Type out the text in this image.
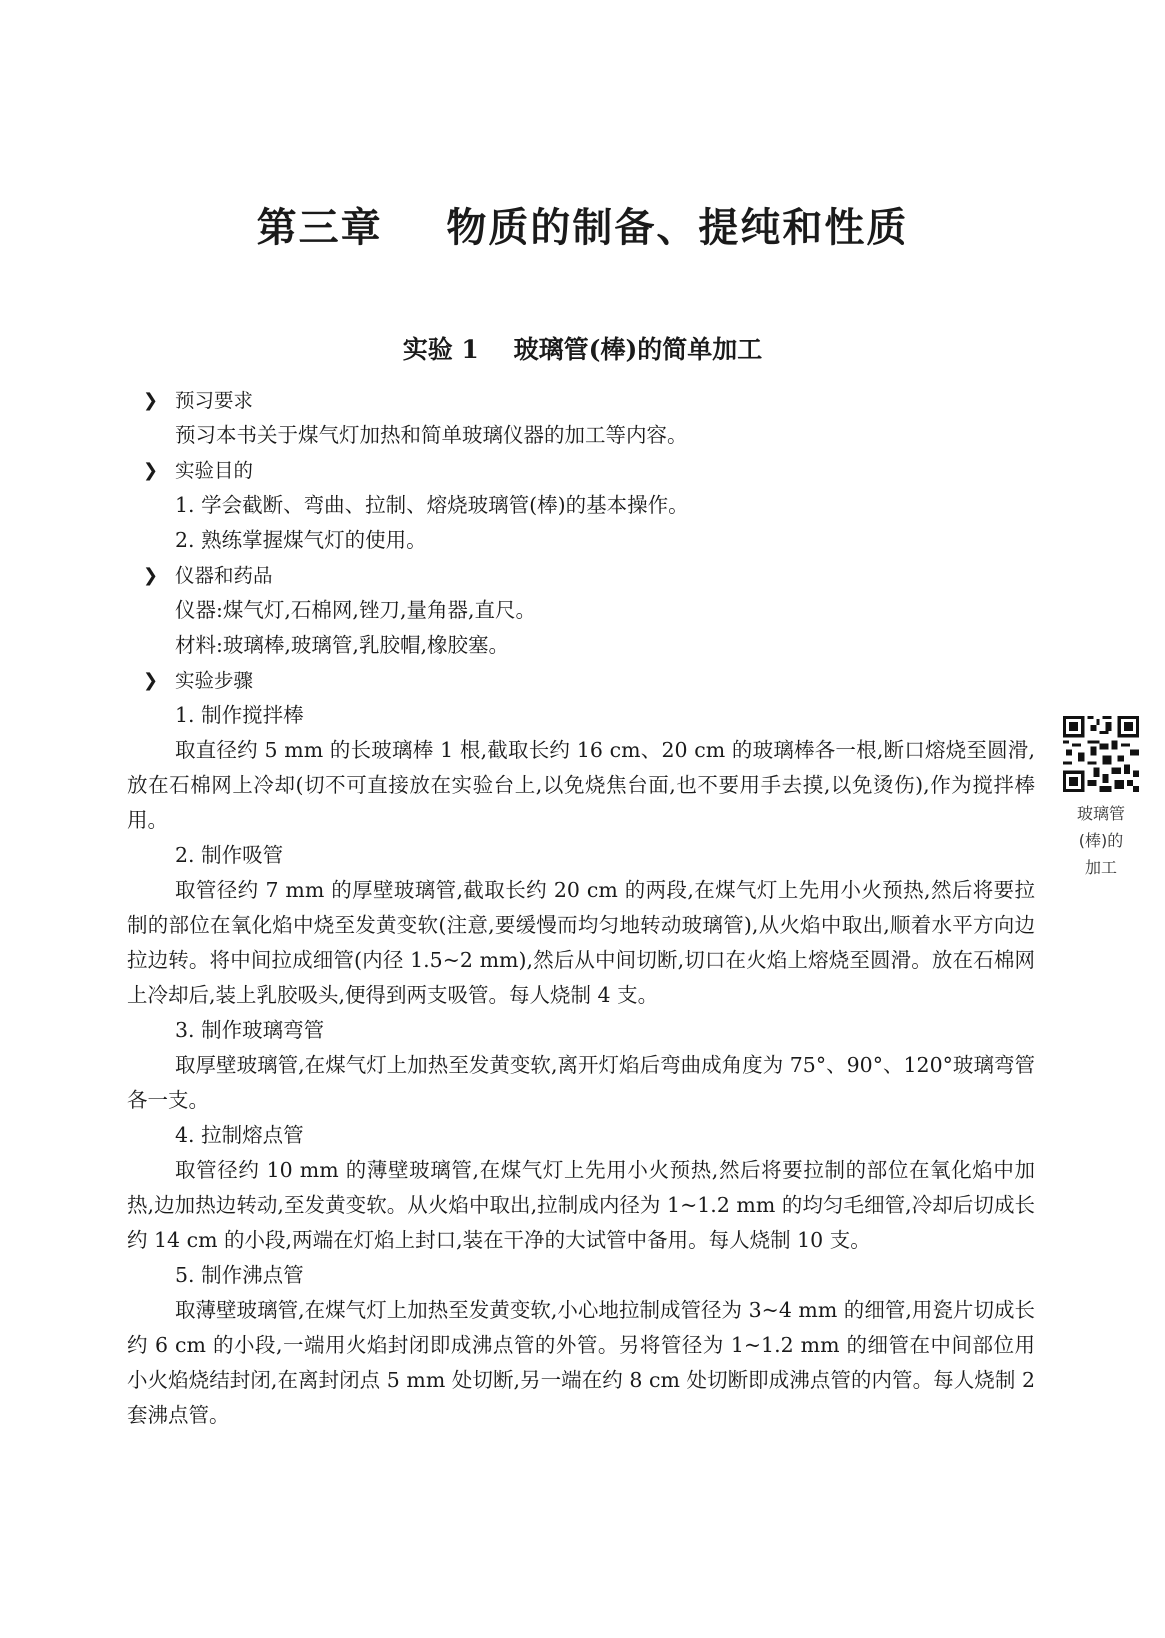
第三章    物质的制备、提纯和性质
实验 1    玻璃管(棒)的简单加工
❯ 预习要求

预习本书关于煤气灯加热和简单玻璃仪器的加工等内容。

❯ 实验目的

1. 学会截断、弯曲、拉制、熔烧玻璃管(棒)的基本操作。

2. 熟练掌握煤气灯的使用。

❯ 仪器和药品

仪器:煤气灯,石棉网,锉刀,量角器,直尺。

材料:玻璃棒,玻璃管,乳胶帽,橡胶塞。

❯ 实验步骤

1. 制作搅拌棒

取直径约 5 mm 的长玻璃棒 1 根,截取长约 16 cm、20 cm 的玻璃棒各一根,断口熔烧至圆滑,放在石棉网上冷却(切不可直接放在实验台上,以免烧焦台面,也不要用手去摸,以免烫伤),作为搅拌棒用。

2. 制作吸管

取管径约 7 mm 的厚壁玻璃管,截取长约 20 cm 的两段,在煤气灯上先用小火预热,然后将要拉制的部位在氧化焰中烧至发黄变软(注意,要缓慢而均匀地转动玻璃管),从火焰中取出,顺着水平方向边拉边转。将中间拉成细管(内径 1.5~2 mm),然后从中间切断,切口在火焰上熔烧至圆滑。放在石棉网上冷却后,装上乳胶吸头,便得到两支吸管。每人烧制 4 支。

3. 制作玻璃弯管

取厚壁玻璃管,在煤气灯上加热至发黄变软,离开灯焰后弯曲成角度为 75°、90°、120°玻璃弯管各一支。

4. 拉制熔点管

取管径约 10 mm 的薄壁玻璃管,在煤气灯上先用小火预热,然后将要拉制的部位在氧化焰中加热,边加热边转动,至发黄变软。从火焰中取出,拉制成内径为 1~1.2 mm 的均匀毛细管,冷却后切成长约 14 cm 的小段,两端在灯焰上封口,装在干净的大试管中备用。每人烧制 10 支。

5. 制作沸点管

取薄壁玻璃管,在煤气灯上加热至发黄变软,小心地拉制成管径为 3~4 mm 的细管,用瓷片切成长约 6 cm 的小段,一端用火焰封闭即成沸点管的外管。另将管径为 1~1.2 mm 的细管在中间部位用小火焰烧结封闭,在离封闭点 5 mm 处切断,另一端在约 8 cm 处切断即成沸点管的内管。每人烧制 2 套沸点管。

玻璃管
(棒)的
加工
